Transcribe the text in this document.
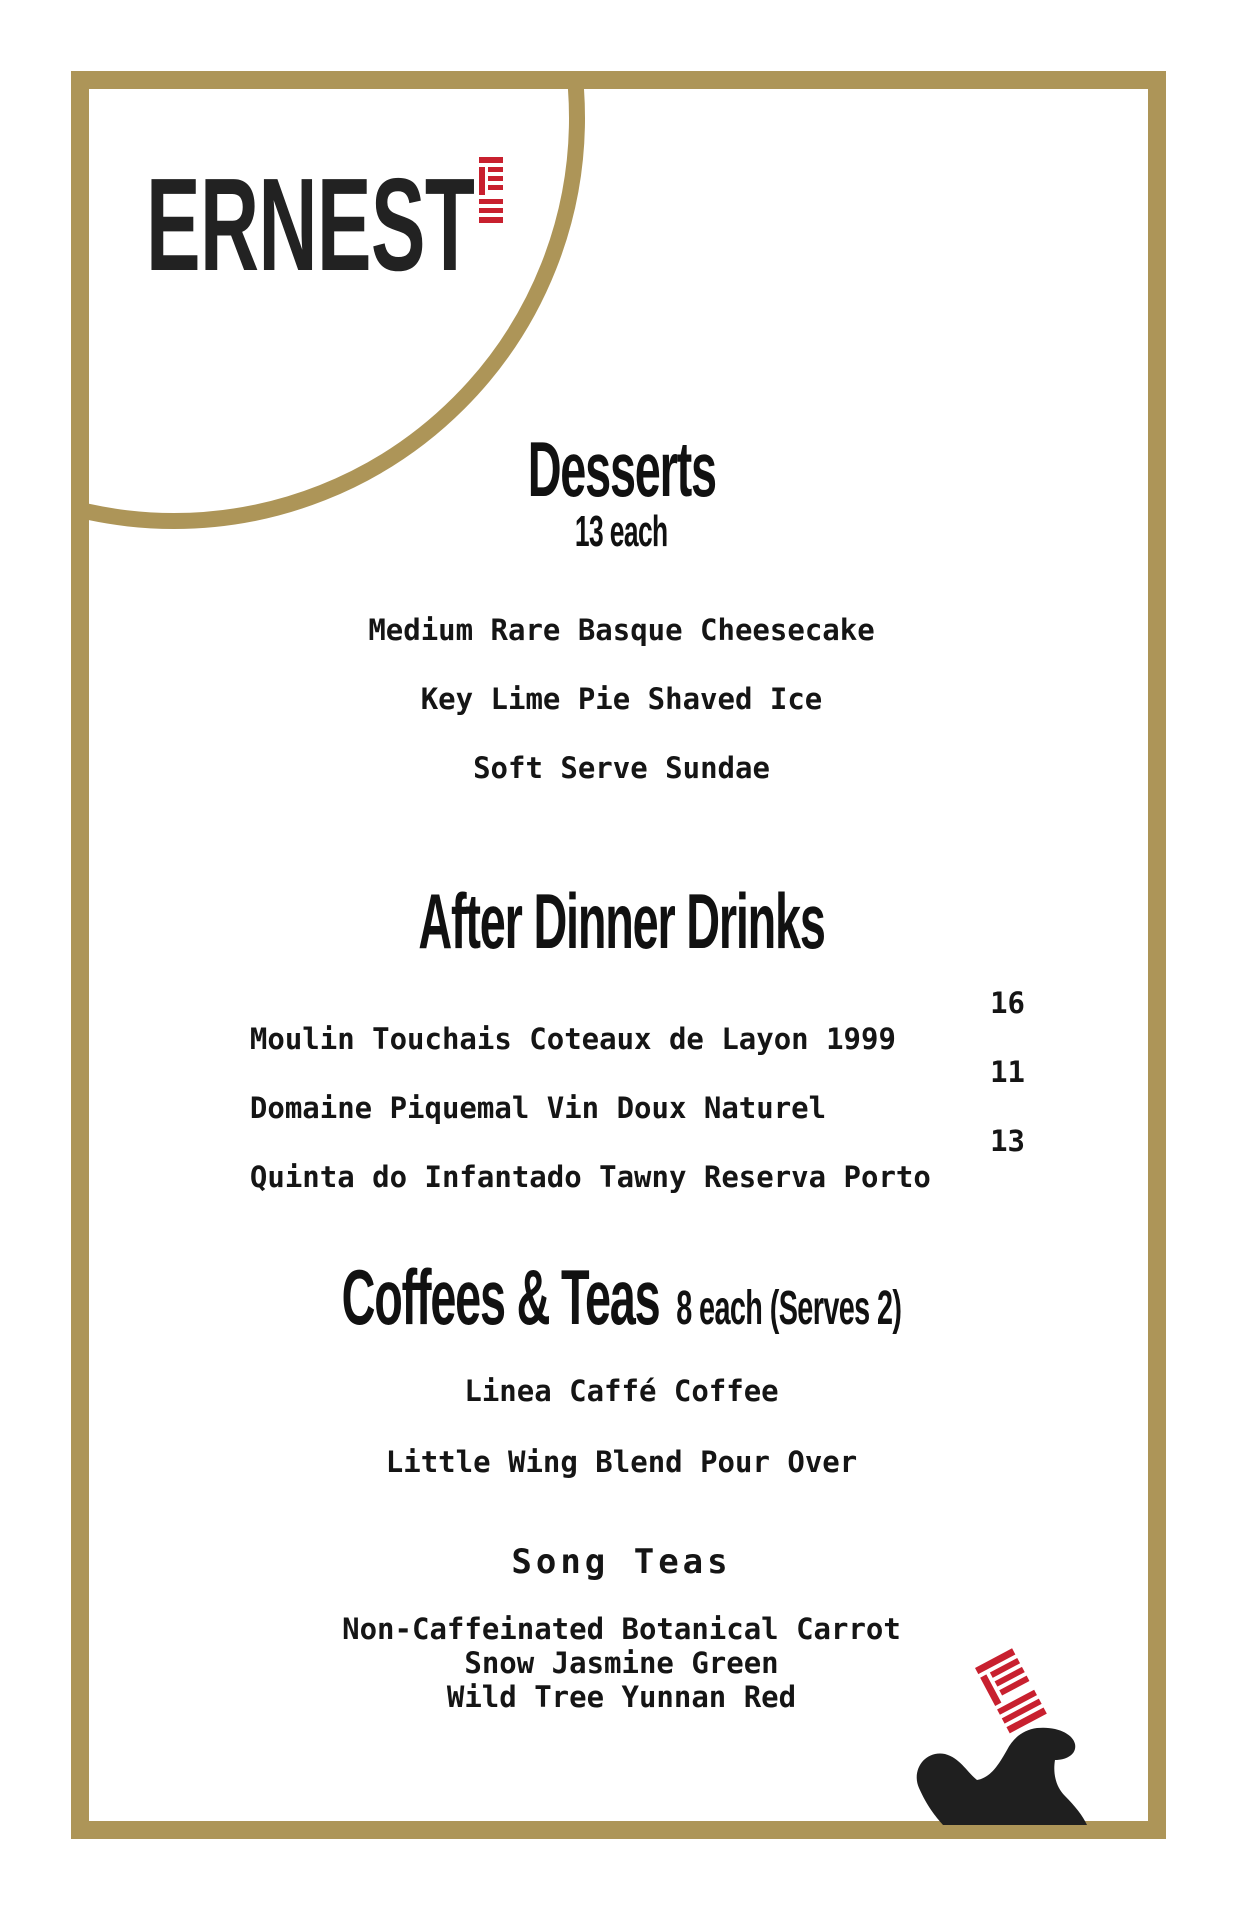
ERNEST
Desserts
13 each
Medium Rare Basque Cheesecake
Key Lime Pie Shaved Ice
Soft Serve Sundae
After Dinner Drinks

Moulin Touchais Coteaux de Layon 1999

16

Domaine Piquemal Vin Doux Naturel

11

Quinta do Infantado Tawny Reserva Porto

13

Coffees & Teas 8 each (Serves 2)
Linea Caffé Coffee
Little Wing Blend Pour Over
Song Teas
Non-Caffeinated Botanical Carrot
Snow Jasmine Green
Wild Tree Yunnan Red
